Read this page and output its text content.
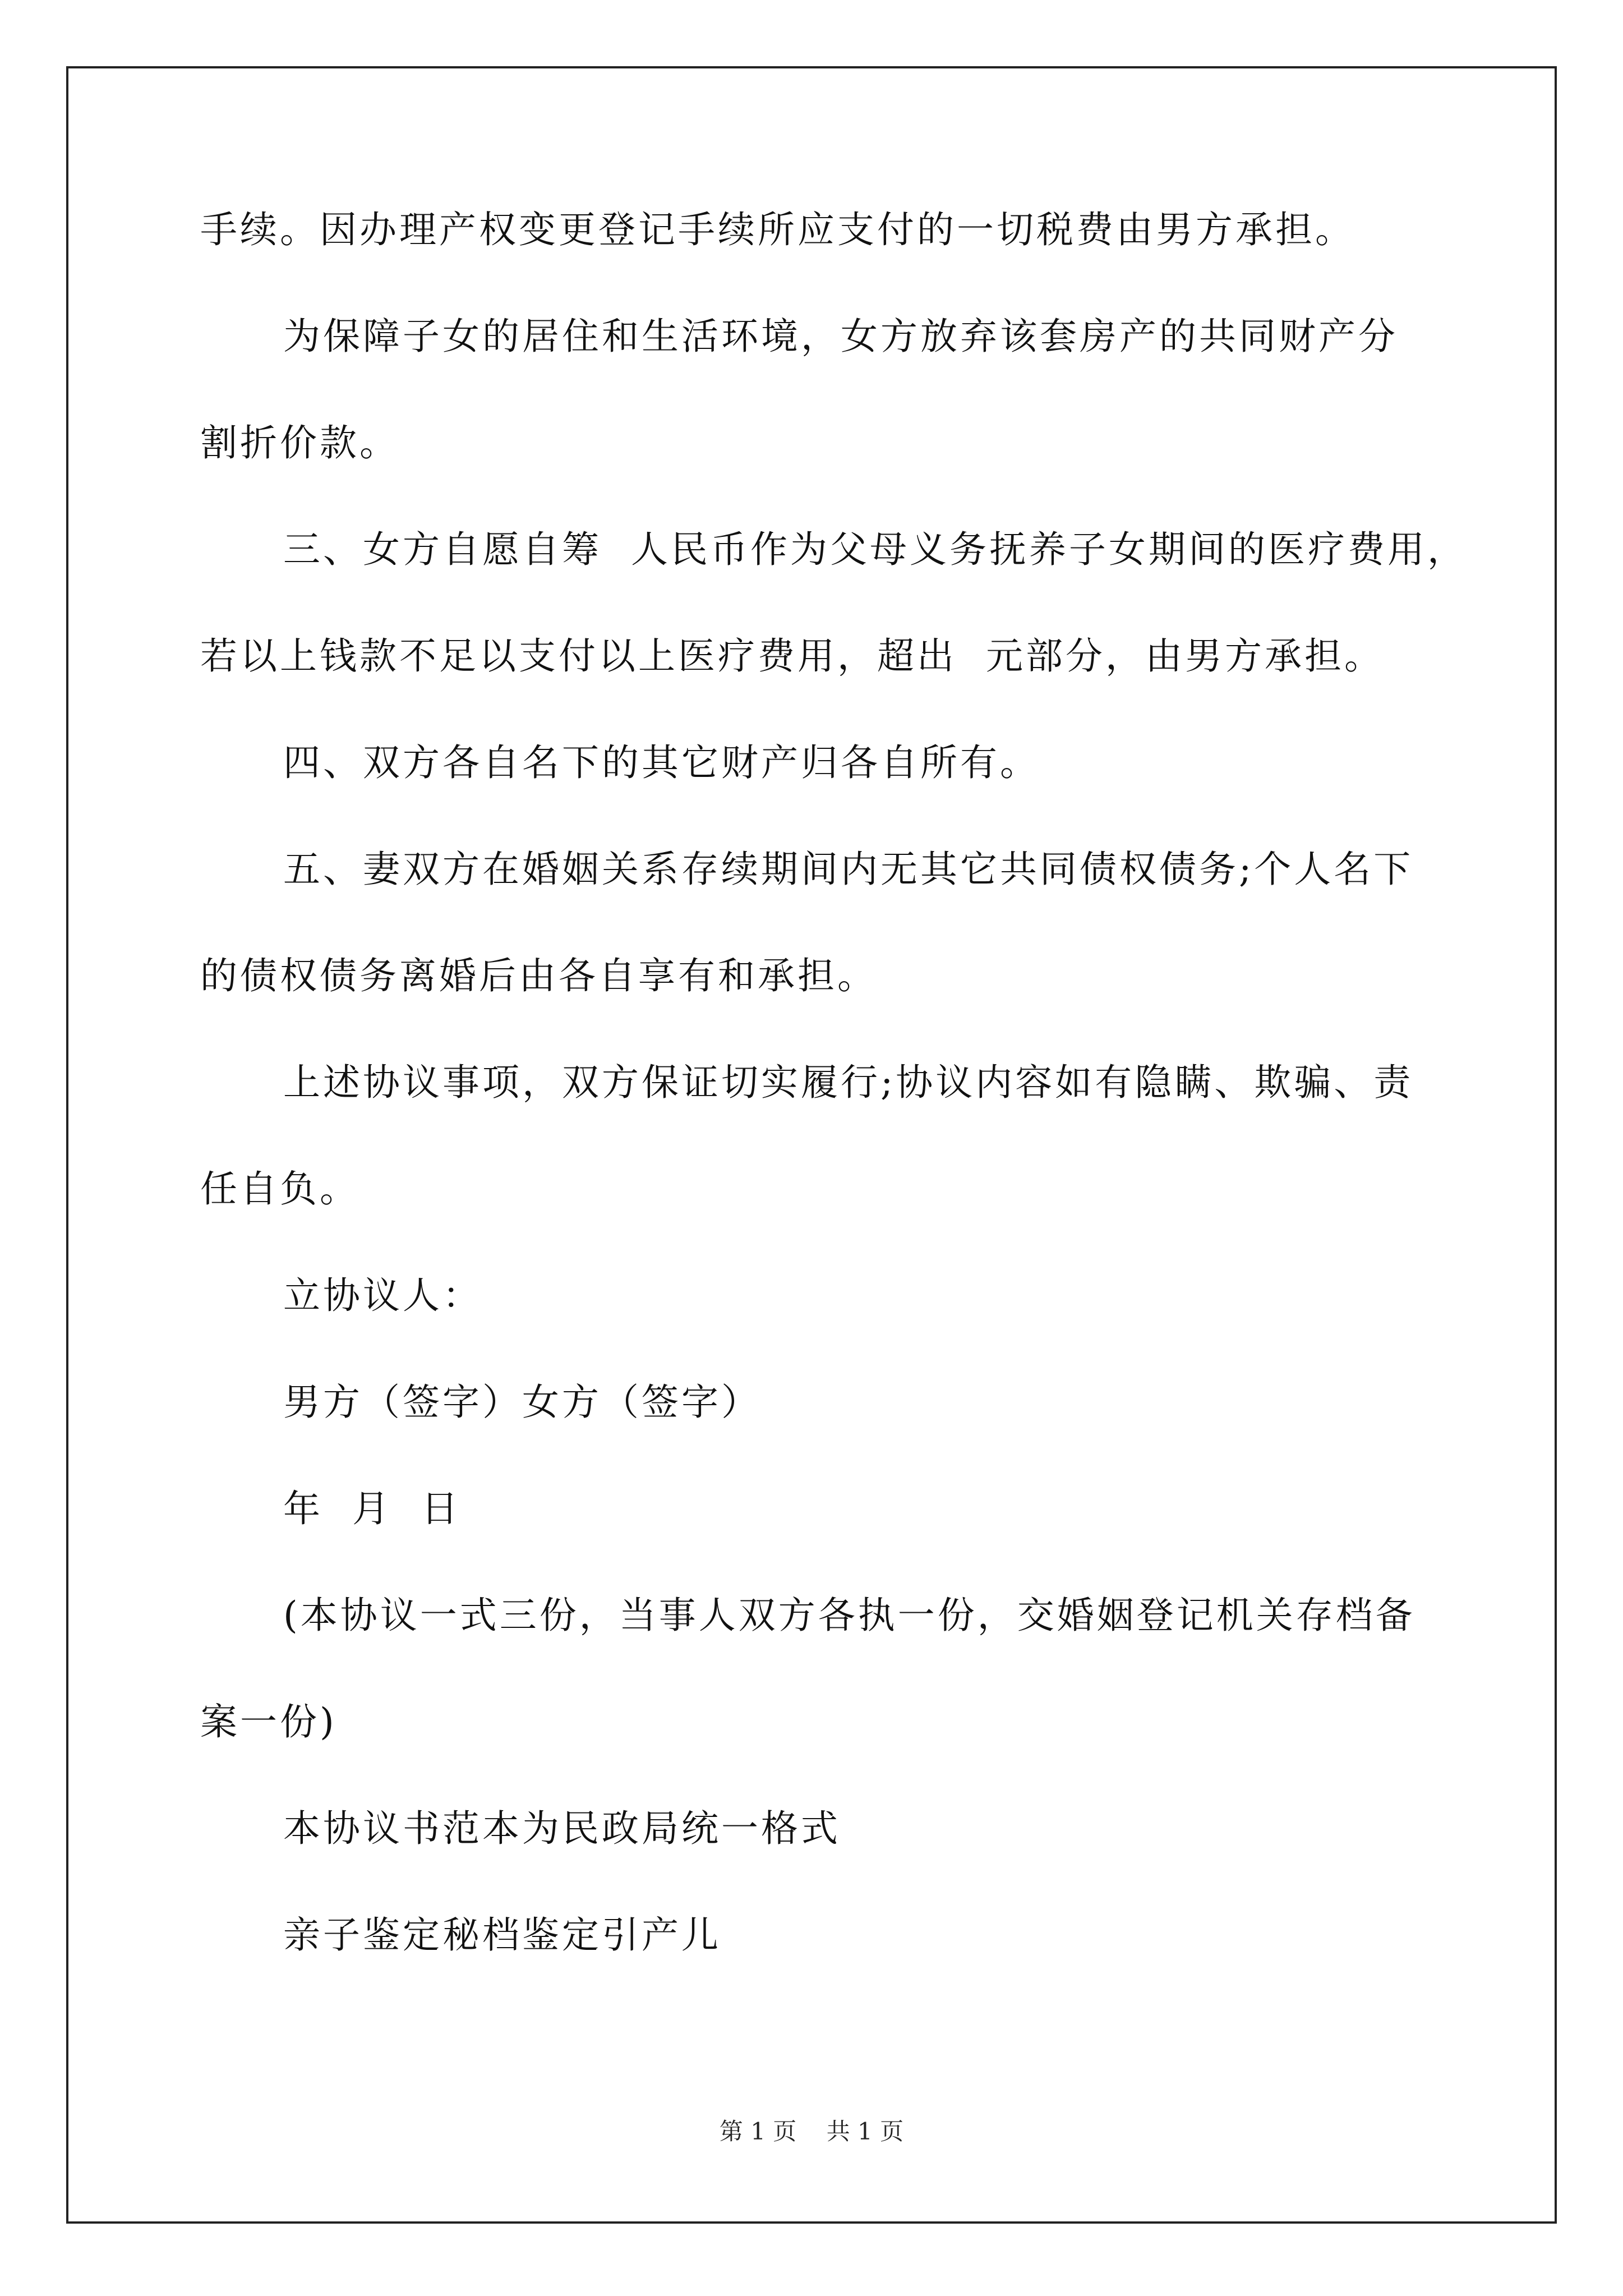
手续。因办理产权变更登记手续所应支付的一切税费由男方承担。
为保障子女的居住和生活环境，女方放弃该套房产的共同财产分
割折价款。
三、女方自愿自筹  人民币作为父母义务抚养子女期间的医疗费用，
若以上钱款不足以支付以上医疗费用，超出  元部分，由男方承担。
四、双方各自名下的其它财产归各自所有。
五、妻双方在婚姻关系存续期间内无其它共同债权债务;个人名下
的债权债务离婚后由各自享有和承担。
上述协议事项，双方保证切实履行;协议内容如有隐瞒、欺骗、责
任自负。
立协议人：
男方（签字）女方（签字）
年  月  日
(本协议一式三份，当事人双方各执一份，交婚姻登记机关存档备
案一份)
本协议书范本为民政局统一格式
亲子鉴定秘档鉴定引产儿
第 1 页    共 1 页
